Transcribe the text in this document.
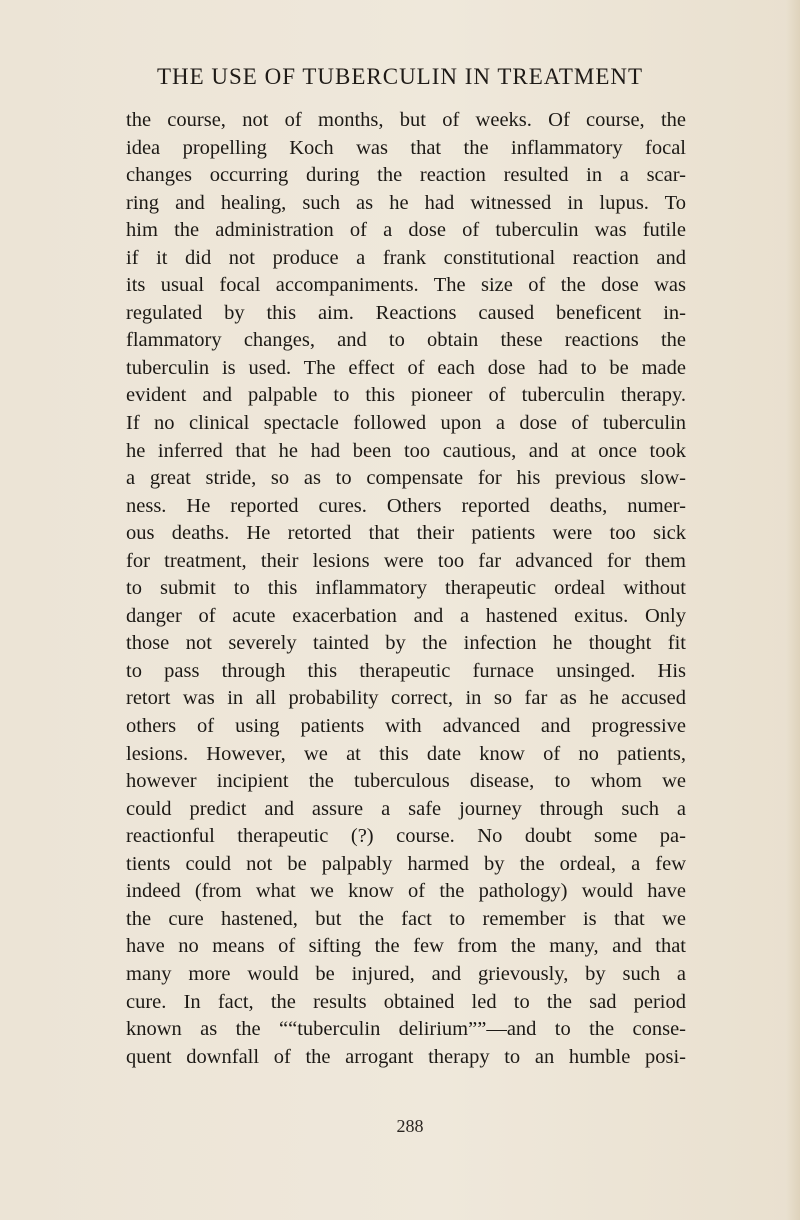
THE USE OF TUBERCULIN IN TREATMENT
the course, not of months, but of weeks. Of course, the
idea propelling Koch was that the inflammatory focal
changes occurring during the reaction resulted in a scar-
ring and healing, such as he had witnessed in lupus. To
him the administration of a dose of tuberculin was futile
if it did not produce a frank constitutional reaction and
its usual focal accompaniments. The size of the dose was
regulated by this aim. Reactions caused beneficent in-
flammatory changes, and to obtain these reactions the
tuberculin is used. The effect of each dose had to be made
evident and palpable to this pioneer of tuberculin therapy.
If no clinical spectacle followed upon a dose of tuberculin
he inferred that he had been too cautious, and at once took
a great stride, so as to compensate for his previous slow-
ness. He reported cures. Others reported deaths, numer-
ous deaths. He retorted that their patients were too sick
for treatment, their lesions were too far advanced for them
to submit to this inflammatory therapeutic ordeal without
danger of acute exacerbation and a hastened exitus. Only
those not severely tainted by the infection he thought fit
to pass through this therapeutic furnace unsinged. His
retort was in all probability correct, in so far as he accused
others of using patients with advanced and progressive
lesions. However, we at this date know of no patients,
however incipient the tuberculous disease, to whom we
could predict and assure a safe journey through such a
reactionful therapeutic (?) course. No doubt some pa-
tients could not be palpably harmed by the ordeal, a few
indeed (from what we know of the pathology) would have
the cure hastened, but the fact to remember is that we
have no means of sifting the few from the many, and that
many more would be injured, and grievously, by such a
cure. In fact, the results obtained led to the sad period
known as the ““tuberculin delirium””—and to the conse-
quent downfall of the arrogant therapy to an humble posi-
288
